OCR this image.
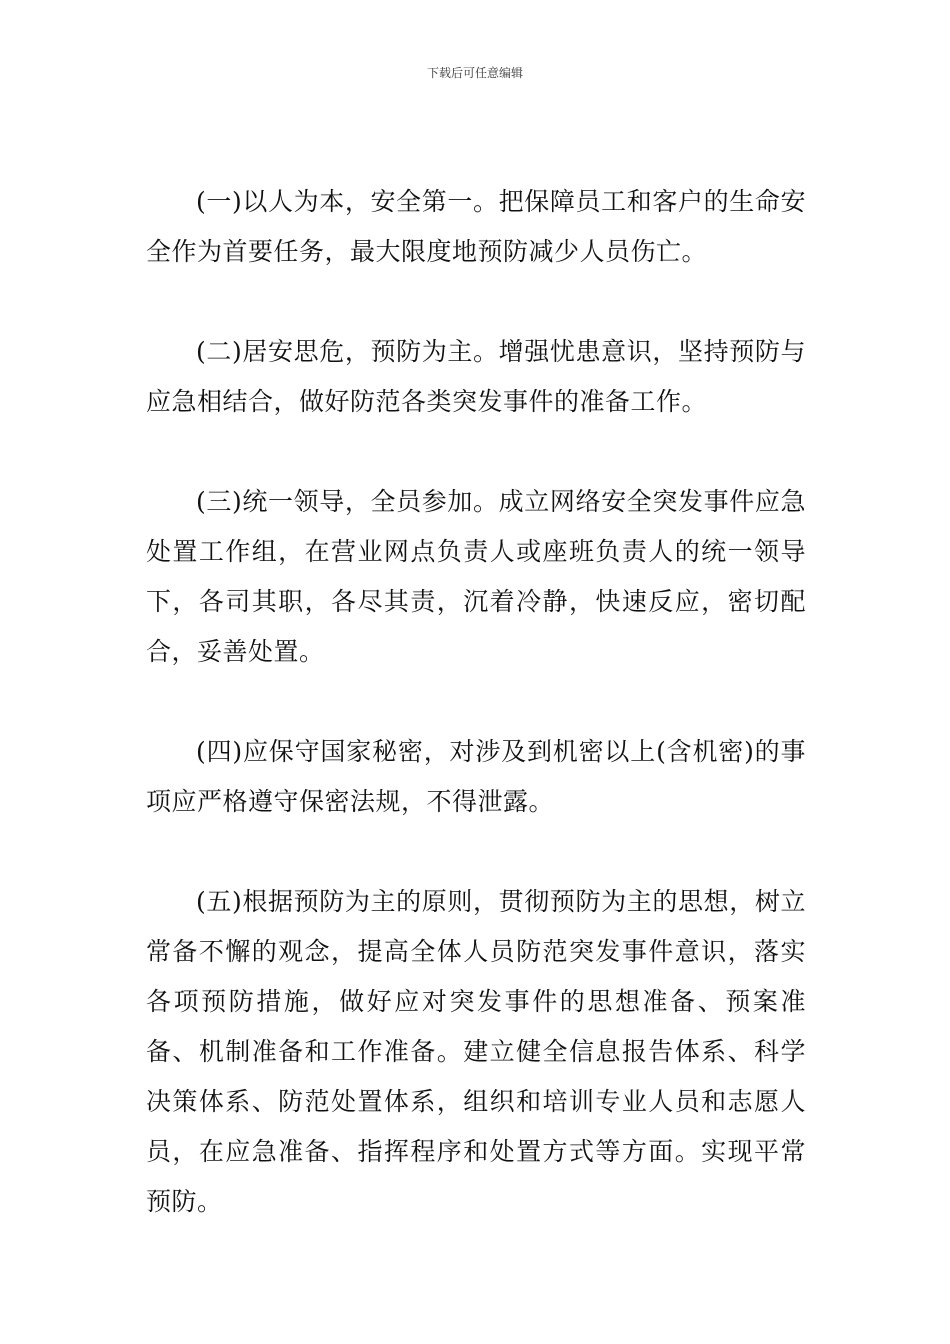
下载后可任意编辑

(一)以人为本，安全第一。把保障员工和客户的生命安全作为首要任务，最大限度地预防减少人员伤亡。

(二)居安思危，预防为主。增强忧患意识，坚持预防与应急相结合，做好防范各类突发事件的准备工作。

(三)统一领导，全员参加。成立网络安全突发事件应急处置工作组，在营业网点负责人或座班负责人的统一领导下，各司其职，各尽其责，沉着冷静，快速反应，密切配合，妥善处置。

(四)应保守国家秘密，对涉及到机密以上(含机密)的事项应严格遵守保密法规，不得泄露。

(五)根据预防为主的原则，贯彻预防为主的思想，树立常备不懈的观念，提高全体人员防范突发事件意识，落实各项预防措施，做好应对突发事件的思想准备、预案准备、机制准备和工作准备。建立健全信息报告体系、科学决策体系、防范处置体系，组织和培训专业人员和志愿人员，在应急准备、指挥程序和处置方式等方面。实现平常预防。
